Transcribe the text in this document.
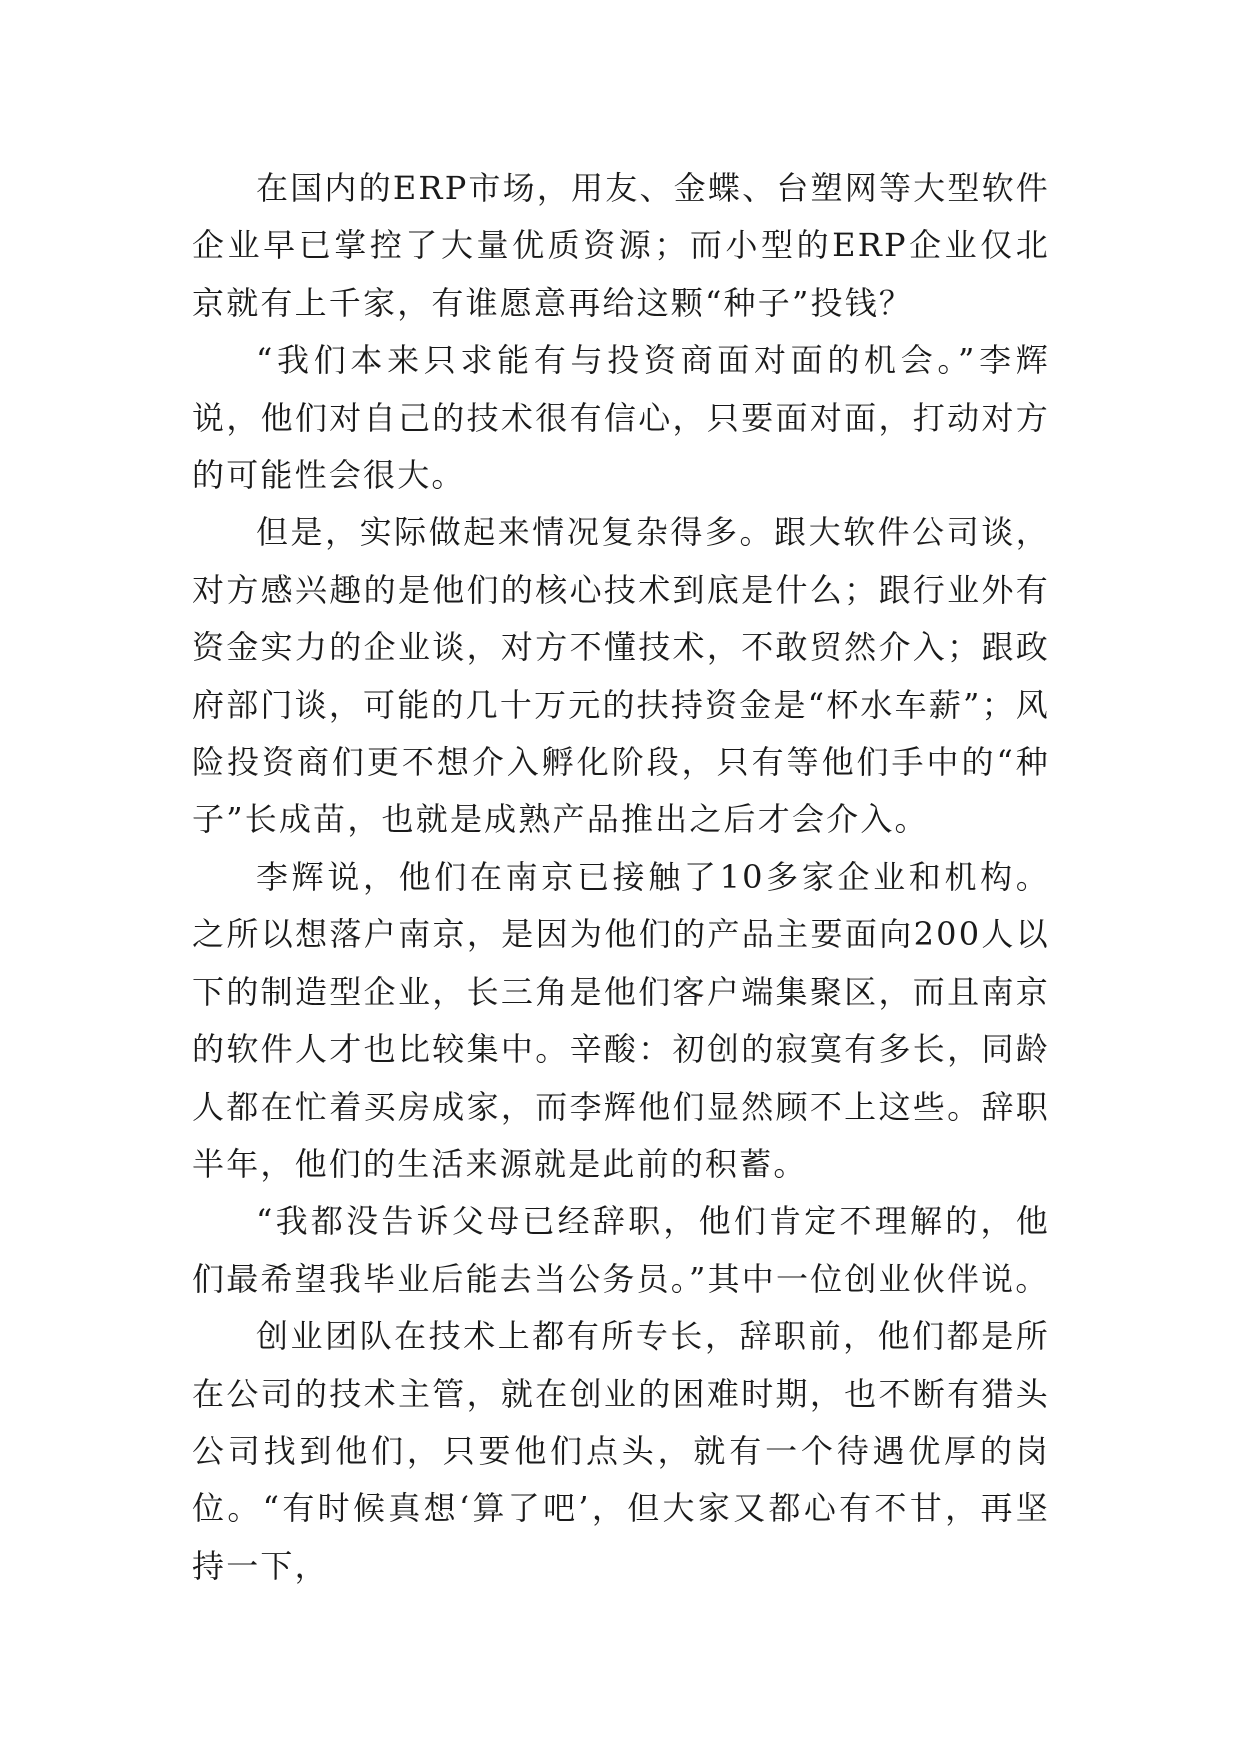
在国内的ERP市场，用友、金蝶、台塑网等大型软件企业早已掌控了大量优质资源；而小型的ERP企业仅北京就有上千家，有谁愿意再给这颗“种子”投钱？

“我们本来只求能有与投资商面对面的机会。”李辉说，他们对自己的技术很有信心，只要面对面，打动对方的可能性会很大。

但是，实际做起来情况复杂得多。跟大软件公司谈，对方感兴趣的是他们的核心技术到底是什么；跟行业外有资金实力的企业谈，对方不懂技术，不敢贸然介入；跟政府部门谈，可能的几十万元的扶持资金是“杯水车薪”；风险投资商们更不想介入孵化阶段，只有等他们手中的“种子”长成苗，也就是成熟产品推出之后才会介入。

李辉说，他们在南京已接触了10多家企业和机构。之所以想落户南京，是因为他们的产品主要面向200人以下的制造型企业，长三角是他们客户端集聚区，而且南京的软件人才也比较集中。辛酸：初创的寂寞有多长，同龄人都在忙着买房成家，而李辉他们显然顾不上这些。辞职半年，他们的生活来源就是此前的积蓄。

“我都没告诉父母已经辞职，他们肯定不理解的，他们最希望我毕业后能去当公务员。”其中一位创业伙伴说。

创业团队在技术上都有所专长，辞职前，他们都是所在公司的技术主管，就在创业的困难时期，也不断有猎头公司找到他们，只要他们点头，就有一个待遇优厚的岗位。“有时候真想‘算了吧’，但大家又都心有不甘，再坚持一下，
